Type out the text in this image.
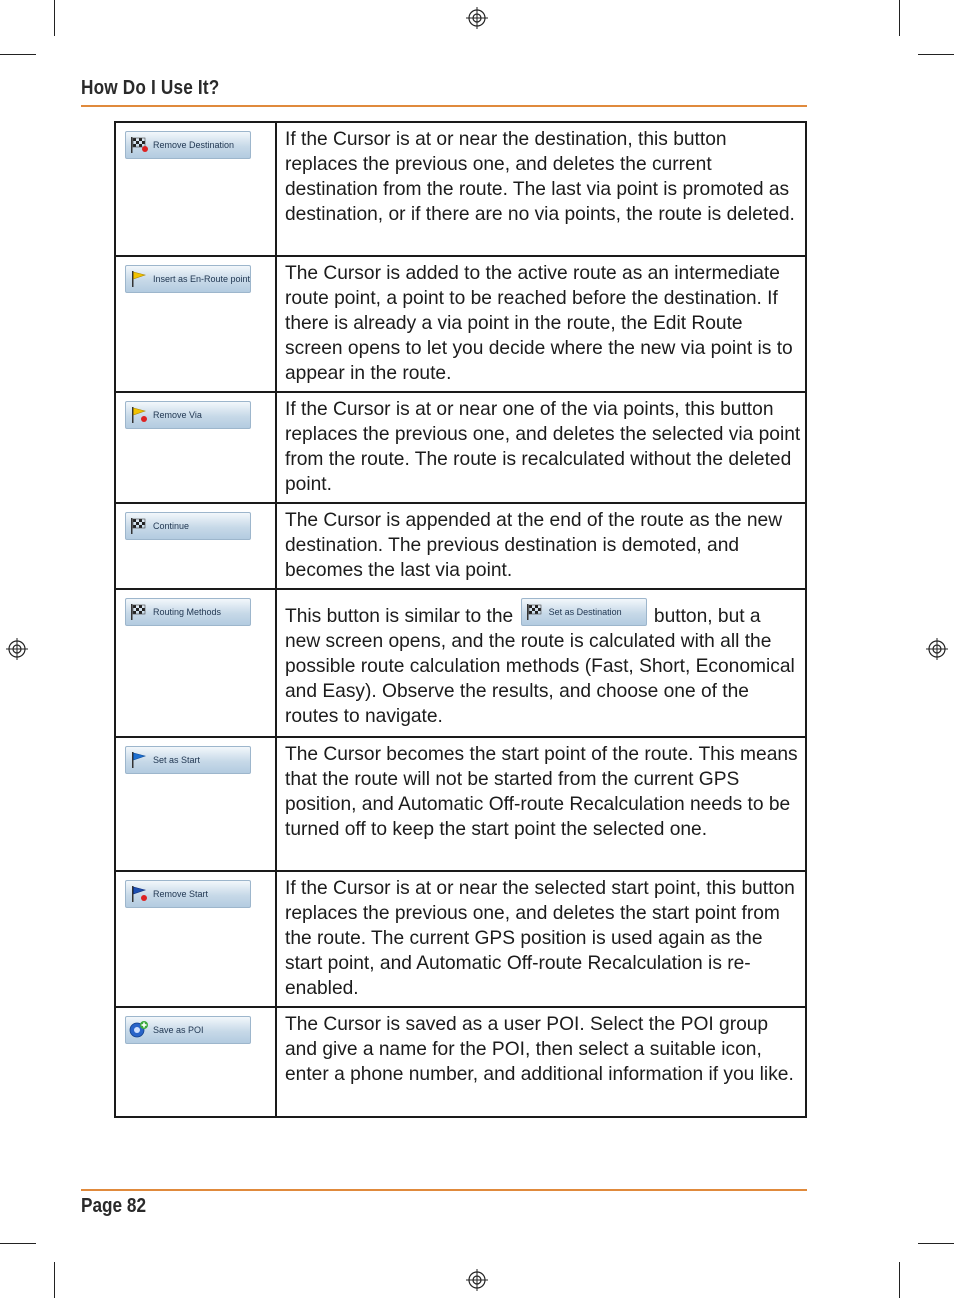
How Do I Use It?
Remove Destination	If the Cursor is at or near the destination, this button replaces the previous one, and deletes the current destination from the route. The last via point is promoted as destination, or if there are no via points, the route is deleted.

Insert as En-Route point	The Cursor is added to the active route as an intermediate route point, a point to be reached before the destination. If there is already a via point in the route, the Edit Route screen opens to let you decide where the new via point is to appear in the route.

Remove Via	If the Cursor is at or near one of the via points, this button replaces the previous one, and deletes the selected via point from the route. The route is recalculated without the deleted point.

Continue	The Cursor is appended at the end of the route as the new destination. The previous destination is demoted, and becomes the last via point.

Routing Methods	This button is similar to the Set as Destination button, but a new screen opens, and the route is calculated with all the possible route calculation methods (Fast, Short, Economical and Easy). Observe the results, and choose one of the routes to navigate.

Set as Start	The Cursor becomes the start point of the route. This means that the route will not be started from the current GPS position, and Automatic Off-route Recalculation needs to be turned off to keep the start point the selected one.

Remove Start	If the Cursor is at or near the selected start point, this button replaces the previous one, and deletes the start point from the route. The current GPS position is used again as the start point, and Automatic Off-route Recalculation is re-enabled.

Save as POI	The Cursor is saved as a user POI. Select the POI group and give a name for the POI, then select a suitable icon, enter a phone number, and additional information if you like.
Page 82
